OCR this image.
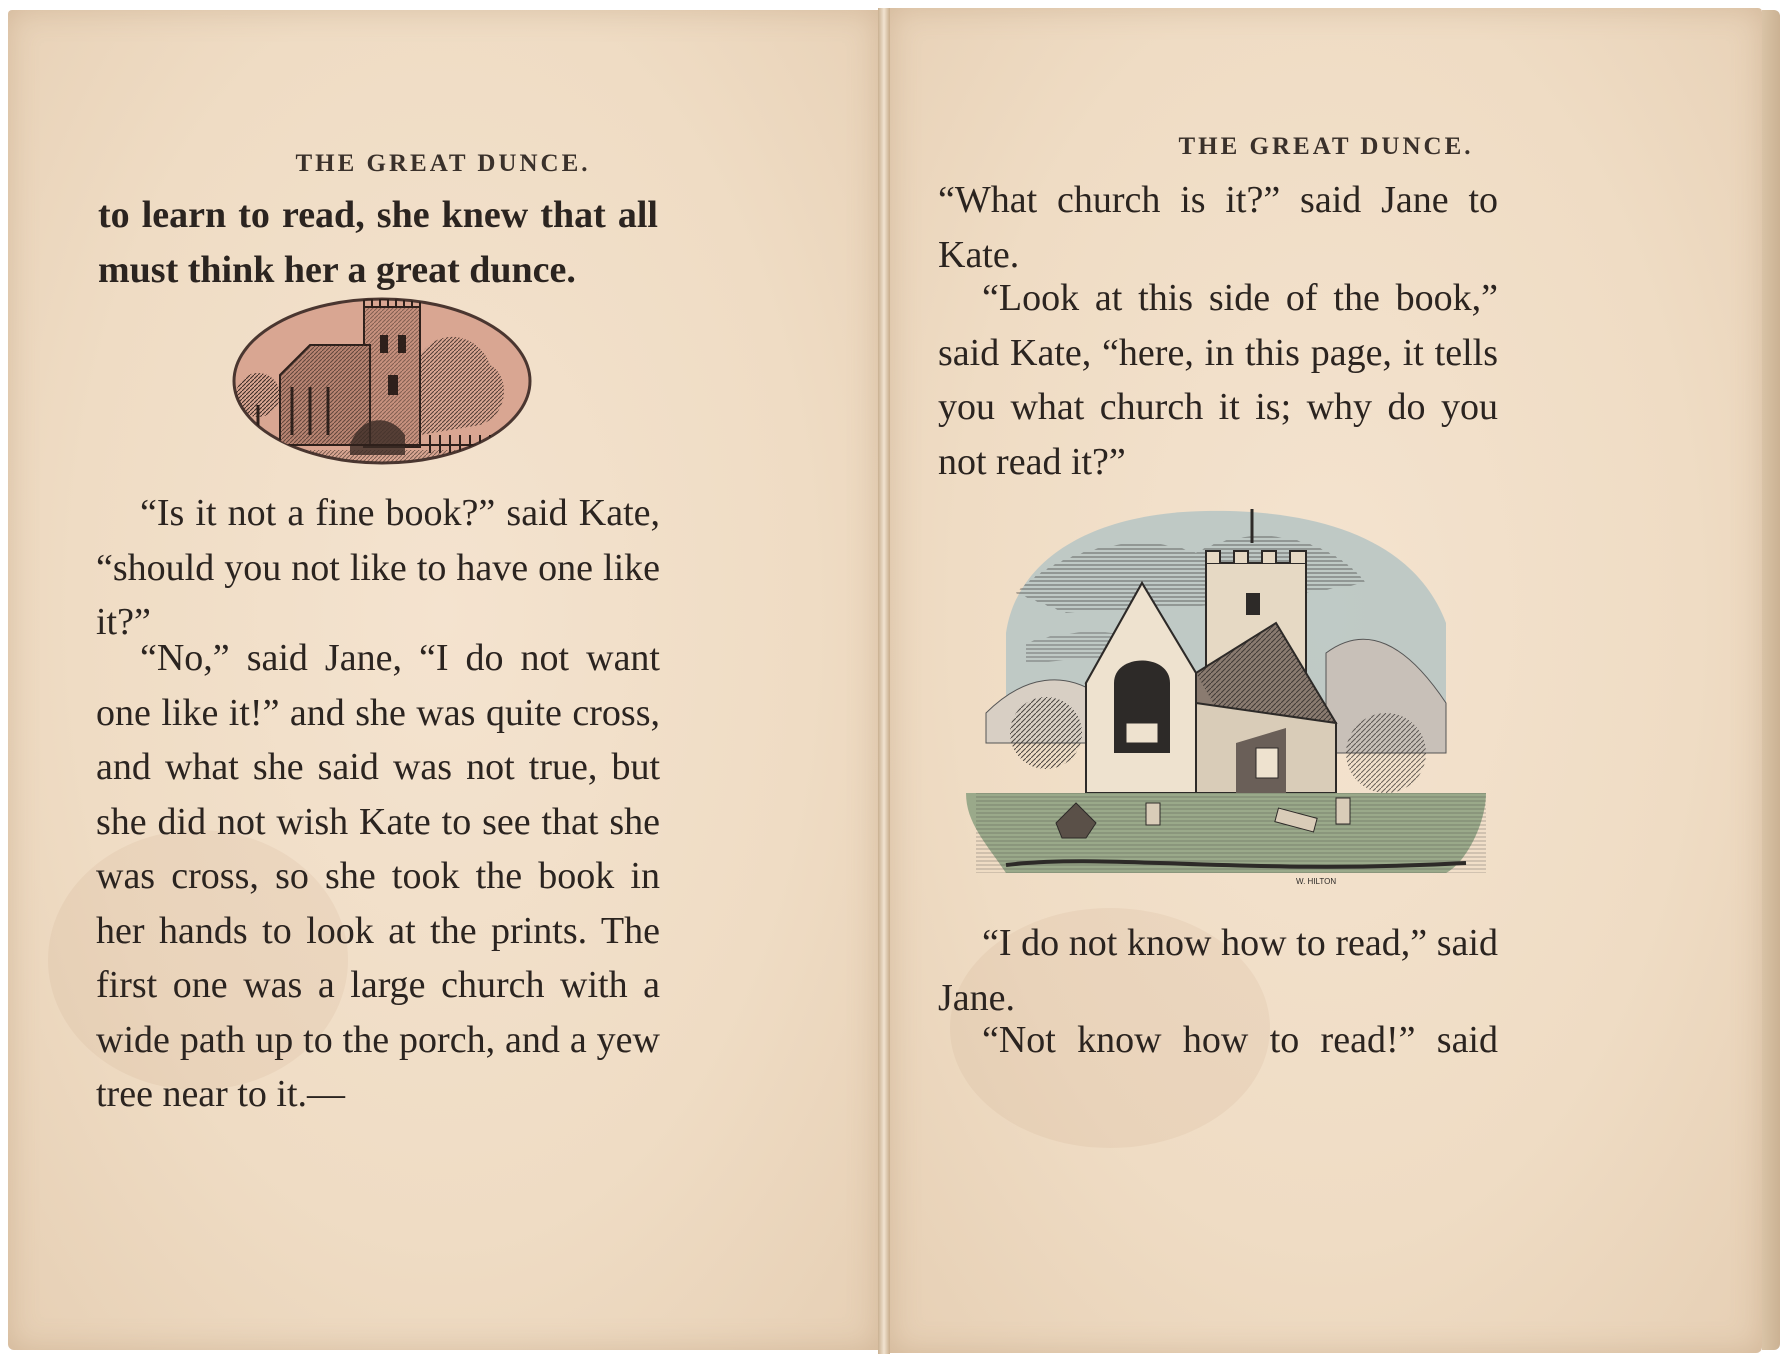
THE GREAT DUNCE.

to learn to read, she knew that all must think her a great dunce.

“Is it not a fine book?” said Kate, “should you not like to have one like it?”

“No,” said Jane, “I do not want one like it!” and she was quite cross, and what she said was not true, but she did not wish Kate to see that she was cross, so she took the book in her hands to look at the prints. The first one was a large church with a wide path up to the porch, and a yew tree near to it.—

THE GREAT DUNCE.

“What church is it?” said Jane to Kate.

“Look at this side of the book,” said Kate, “here, in this page, it tells you what church it is; why do you not read it?”

W. HILTON

“I do not know how to read,” said Jane.

“Not know how to read!” said
